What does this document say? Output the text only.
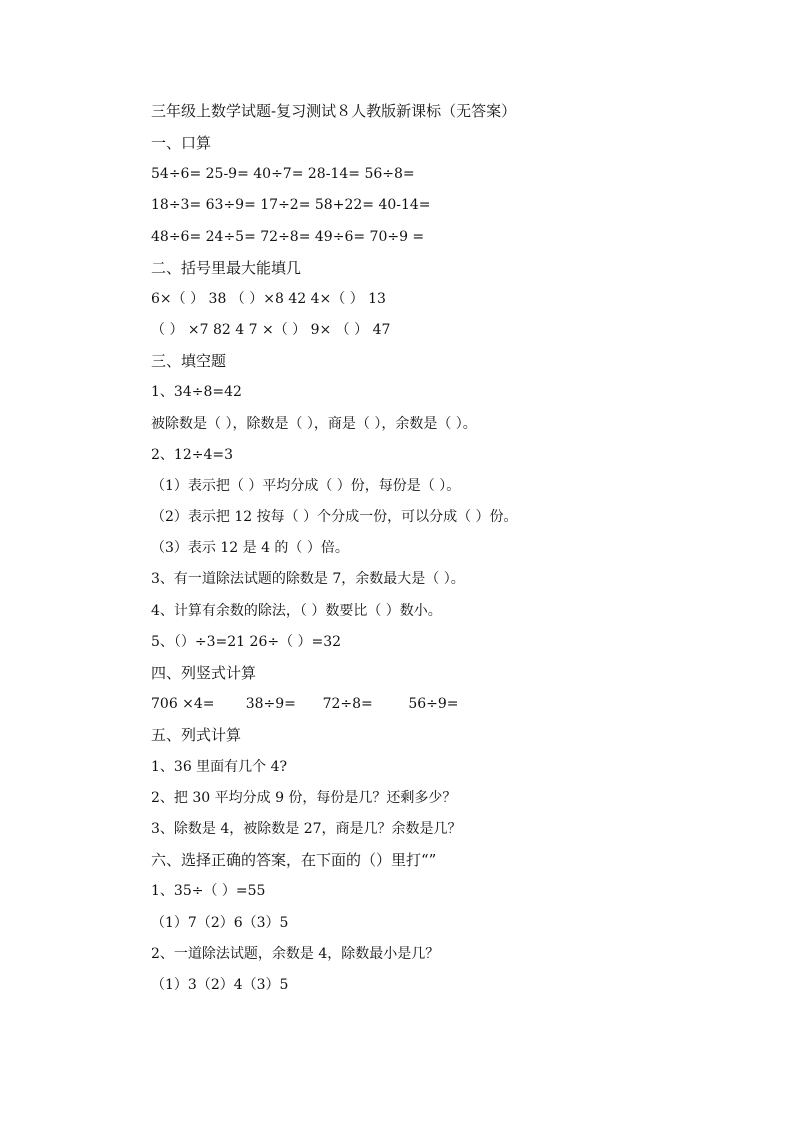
三年级上数学试题-复习测试８人教版新课标（无答案）
一、口算
54÷6= 25-9= 40÷7= 28-14= 56÷8=
18÷3= 63÷9= 17÷2= 58+22= 40-14=
48÷6= 24÷5= 72÷8= 49÷6= 70÷9 =
二、括号里最大能填几
6×（ ） 38 （ ）×8 42 4×（ ） 13
（ ） ×7 82 4 7 ×（ ） 9× （ ） 47
三、填空题
1、34÷8=42
被除数是（ ），除数是（ ），商是（ ），余数是（ ）。
2、12÷4=3
（1）表示把（ ）平均分成（ ）份，每份是（ ）。
（2）表示把 12 按每（ ）个分成一份，可以分成（ ）份。
（3）表示 12 是 4 的（ ）倍。
3、有一道除法试题的除数是 7，余数最大是（ ）。
4、计算有余数的除法，（ ）数要比（ ）数小。
5、（）÷3=21 26÷（ ）=32
四、列竖式计算
706 ×4=       38÷9=      72÷8=        56÷9=
五、列式计算
1、36 里面有几个 4?
2、把 30 平均分成 9 份，每份是几？还剩多少？
3、除数是 4，被除数是 27，商是几？余数是几？
六、选择正确的答案，在下面的（）里打“”
1、35÷（ ）=55
（1）7（2）6（3）5
2、一道除法试题，余数是 4，除数最小是几？
（1）3（2）4（3）5
